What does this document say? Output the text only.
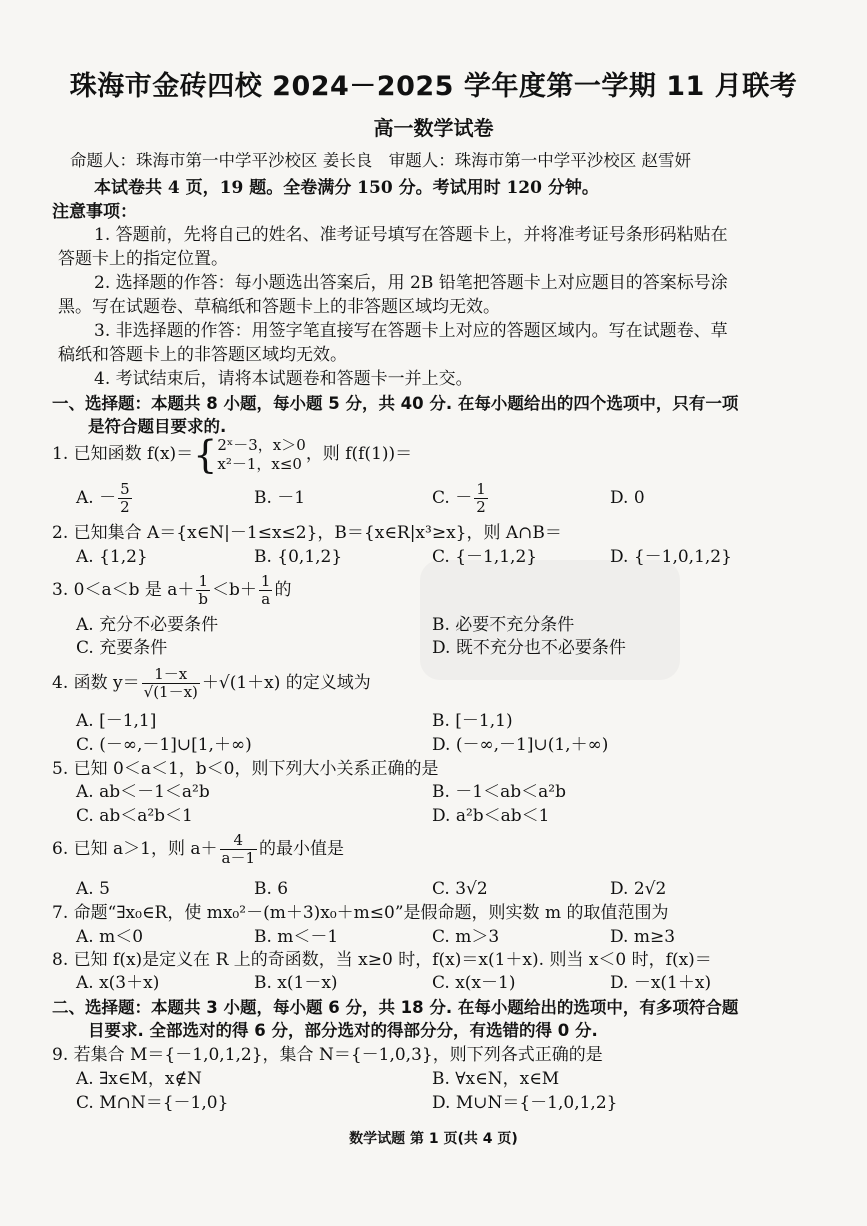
珠海市金砖四校 2024－2025 学年度第一学期 11 月联考
高一数学试卷
命题人：珠海市第一中学平沙校区 姜长良　审题人：珠海市第一中学平沙校区 赵雪妍
本试卷共 4 页，19 题。全卷满分 150 分。考试用时 120 分钟。
注意事项：
1. 答题前，先将自己的姓名、准考证号填写在答题卡上，并将准考证号条形码粘贴在
答题卡上的指定位置。
2. 选择题的作答：每小题选出答案后，用 2B 铅笔把答题卡上对应题目的答案标号涂
黑。写在试题卷、草稿纸和答题卡上的非答题区域均无效。
3. 非选择题的作答：用签字笔直接写在答题卡上对应的答题区域内。写在试题卷、草
稿纸和答题卡上的非答题区域均无效。
4. 考试结束后，请将本试题卷和答题卡一并上交。
一、选择题：本题共 8 小题，每小题 5 分，共 40 分. 在每小题给出的四个选项中，只有一项
是符合题目要求的.
1. 已知函数 f(x)＝{ 2ˣ－3，x＞0
x²－1，x≤0 ，则 f(f(1))＝
A. － $\frac{5}{2}$	B. －1	C. － $\frac{1}{2}$	D. 0
2. 已知集合 A＝{x∈N|－1≤x≤2}，B＝{x∈R|x³≥x}，则 A∩B＝
A. {1,2}	B. {0,1,2}	C. {－1,1,2}	D. {－1,0,1,2}
3. 0＜a＜b 是 $a+ \frac{1}{b} <b+ \frac{1}{a}$ 的
A. 充分不必要条件	B. 必要不充分条件
C. 充要条件	D. 既不充分也不必要条件
4. 函数 $y= \frac{1-x}{√(1-x)} +√(1+x)$ 的定义域为
A. [－1,1]	B. [－1,1)
C. (－∞,－1]∪[1,＋∞)	D. (－∞,－1]∪(1,＋∞)
5. 已知 0＜a＜1，b＜0，则下列大小关系正确的是
A. ab＜－1＜a²b	B. －1＜ab＜a²b
C. ab＜a²b＜1	D. a²b＜ab＜1
6. 已知 a＞1，则 $a+ \frac{4}{a-1}$ 的最小值是
A. 5	B. 6	C. 3√2	D. 2√2
7. 命题“∃x₀∈R，使 mx₀²－(m＋3)x₀＋m≤0”是假命题，则实数 m 的取值范围为
A. m＜0	B. m＜－1	C. m＞3	D. m≥3
8. 已知 f(x)是定义在 R 上的奇函数，当 x≥0 时，f(x)＝x(1＋x). 则当 x＜0 时，f(x)＝
A. x(3＋x)	B. x(1－x)	C. x(x－1)	D. －x(1＋x)
二、选择题：本题共 3 小题，每小题 6 分，共 18 分. 在每小题给出的选项中，有多项符合题
目要求. 全部选对的得 6 分，部分选对的得部分分，有选错的得 0 分.
9. 若集合 M＝{－1,0,1,2}，集合 N＝{－1,0,3}，则下列各式正确的是
A. ∃x∈M，x∉N	B. ∀x∈N，x∈M
C. M∩N＝{－1,0}	D. M∪N＝{－1,0,1,2}
数学试题 第 1 页(共 4 页)
